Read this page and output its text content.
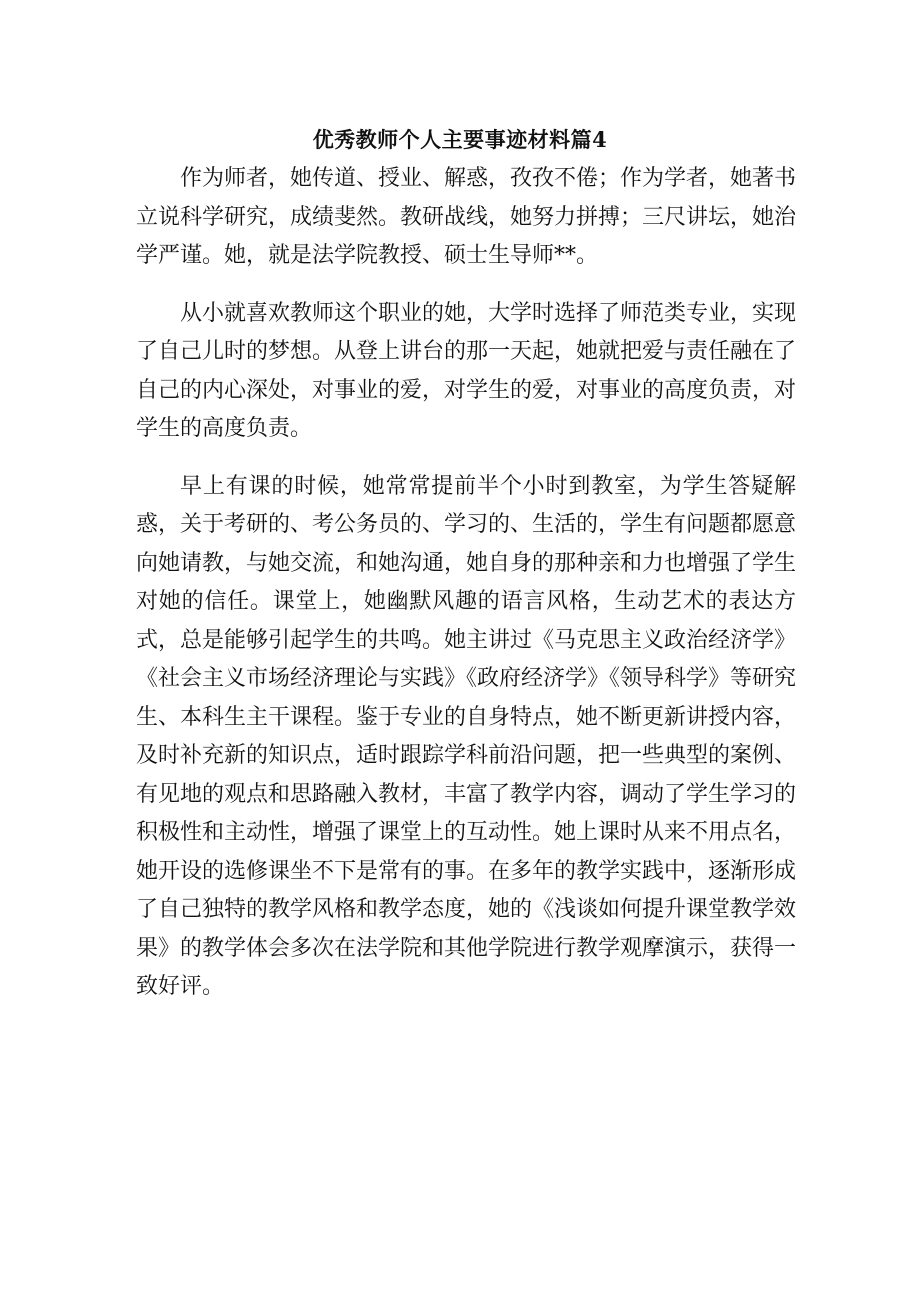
优秀教师个人主要事迹材料篇4

作为师者，她传道、授业、解惑，孜孜不倦；作为学者，她著书立说科学研究，成绩斐然。教研战线，她努力拼搏；三尺讲坛，她治学严谨。她，就是法学院教授、硕士生导师**。

从小就喜欢教师这个职业的她，大学时选择了师范类专业，实现了自己儿时的梦想。从登上讲台的那一天起，她就把爱与责任融在了自己的内心深处，对事业的爱，对学生的爱，对事业的高度负责，对学生的高度负责。

早上有课的时候，她常常提前半个小时到教室，为学生答疑解惑，关于考研的、考公务员的、学习的、生活的，学生有问题都愿意向她请教，与她交流，和她沟通，她自身的那种亲和力也增强了学生对她的信任。课堂上，她幽默风趣的语言风格，生动艺术的表达方式，总是能够引起学生的共鸣。她主讲过《马克思主义政治经济学》《社会主义市场经济理论与实践》《政府经济学》《领导科学》等研究生、本科生主干课程。鉴于专业的自身特点，她不断更新讲授内容，及时补充新的知识点，适时跟踪学科前沿问题，把一些典型的案例、有见地的观点和思路融入教材，丰富了教学内容，调动了学生学习的积极性和主动性，增强了课堂上的互动性。她上课时从来不用点名，她开设的选修课坐不下是常有的事。在多年的教学实践中，逐渐形成了自己独特的教学风格和教学态度，她的《浅谈如何提升课堂教学效果》的教学体会多次在法学院和其他学院进行教学观摩演示，获得一致好评。
